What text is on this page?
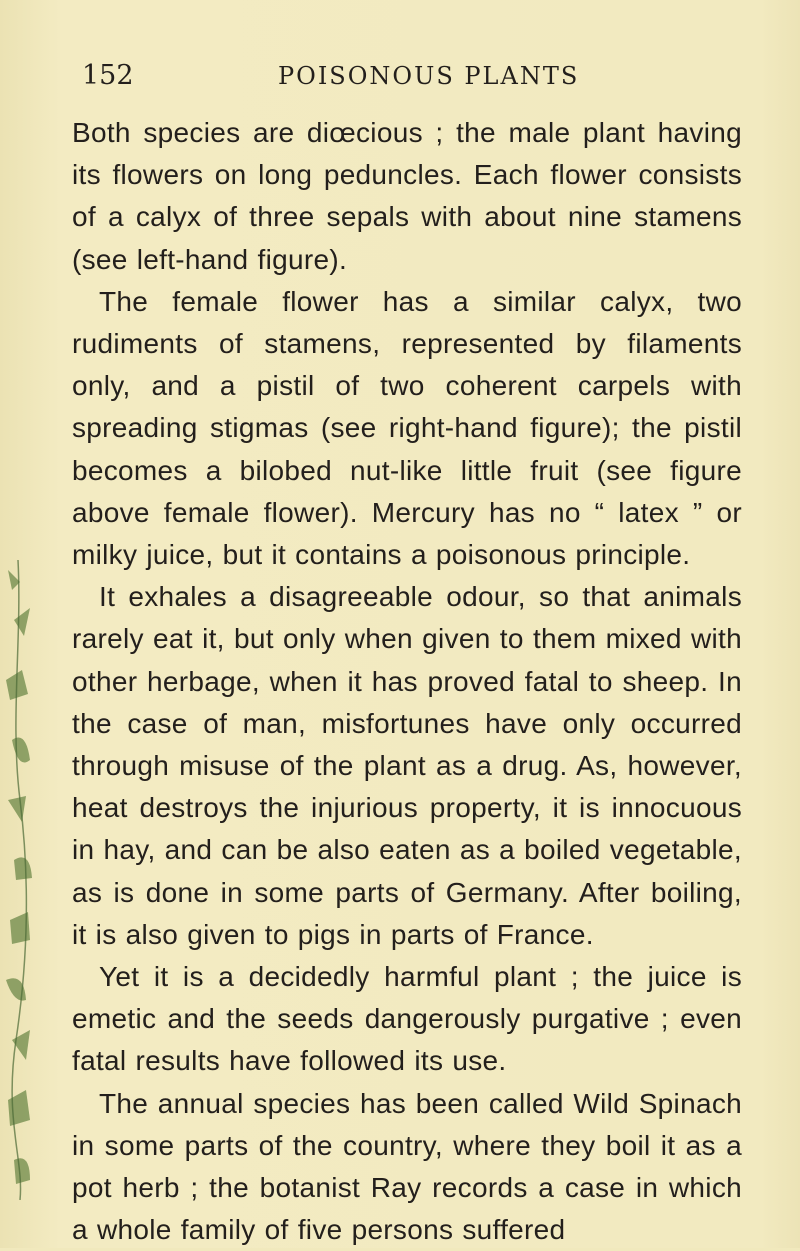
152	POISONOUS PLANTS

Both species are diœcious ; the male plant having its flowers on long peduncles. Each flower consists of a calyx of three sepals with about nine stamens (see left-hand figure).

The female flower has a similar calyx, two rudiments of stamens, represented by filaments only, and a pistil of two coherent carpels with spreading stigmas (see right-hand figure); the pistil becomes a bilobed nut-like little fruit (see figure above female flower). Mercury has no “ latex ” or milky juice, but it contains a poisonous principle.

It exhales a disagreeable odour, so that animals rarely eat it, but only when given to them mixed with other herbage, when it has proved fatal to sheep. In the case of man, misfortunes have only occurred through misuse of the plant as a drug. As, however, heat destroys the injurious property, it is innocuous in hay, and can be also eaten as a boiled vegetable, as is done in some parts of Germany. After boiling, it is also given to pigs in parts of France.

Yet it is a decidedly harmful plant ; the juice is emetic and the seeds dangerously purgative ; even fatal results have followed its use.

The annual species has been called Wild Spinach in some parts of the country, where they boil it as a pot herb ; the botanist Ray records a case in which a whole family of five persons suffered
